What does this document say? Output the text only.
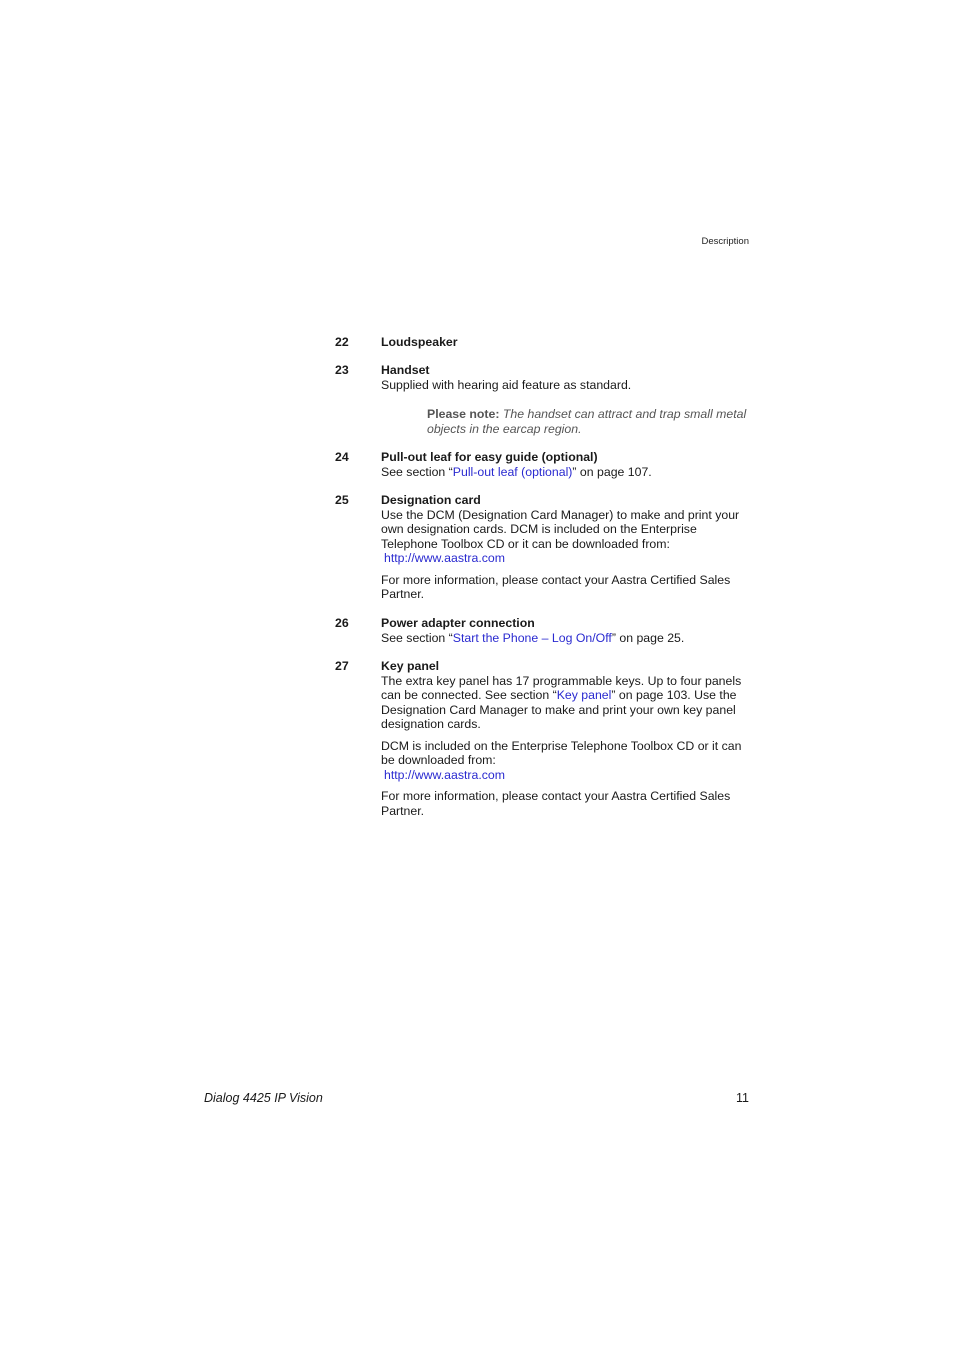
Description
22	Loudspeaker
23	Handset
Supplied with hearing aid feature as standard.
Please note: The handset can attract and trap small metal objects in the earcap region.
24	Pull-out leaf for easy guide (optional)
See section “Pull-out leaf (optional)” on page 107.
25	Designation card
Use the DCM (Designation Card Manager) to make and print your own designation cards. DCM is included on the Enterprise Telephone Toolbox CD or it can be downloaded from:
http://www.aastra.com
For more information, please contact your Aastra Certified Sales Partner.
26	Power adapter connection
See section “Start the Phone – Log On/Off” on page 25.
27	Key panel
The extra key panel has 17 programmable keys. Up to four panels can be connected. See section “Key panel” on page 103. Use the Designation Card Manager to make and print your own key panel designation cards.
DCM is included on the Enterprise Telephone Toolbox CD or it can be downloaded from:
http://www.aastra.com
For more information, please contact your Aastra Certified Sales Partner.
Dialog 4425 IP Vision	11
